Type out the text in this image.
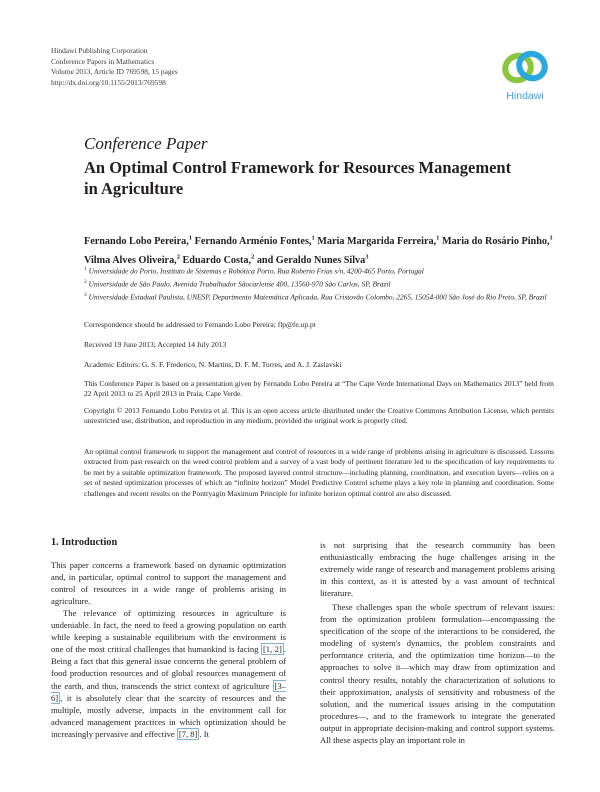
Hindawi Publishing Corporation
Conference Papers in Mathematics
Volume 2013, Article ID 769598, 15 pages
http://dx.doi.org/10.1155/2013/769598
Hindawi
Conference Paper
An Optimal Control Framework for Resources Management in Agriculture
Fernando Lobo Pereira,$^1$ Fernando Arménio Fontes,$^1$ Maria Margarida Ferreira,$^1$ Maria do Rosário Pinho,$^1$ Vilma Alves Oliveira,$^2$ Eduardo Costa,$^2$ and Geraldo Nunes Silva$^3$
$^1$ Universidade do Porto, Instituto de Sistemas e Robótica Porto, Rua Roberto Frias s/n, 4200-465 Porto, Portugal
$^2$ Universidade de São Paulo, Avenida Trabalhador Sãocarlense 400, 13560-970 São Carlos, SP, Brazil
$^3$ Universidade Estadual Paulista, UNESP, Departmento Matemática Aplicada, Rua Cristovão Colombo, 2265, 15054-000 São José do Rio Preto, SP, Brazil
Correspondence should be addressed to Fernando Lobo Pereira; flp@fe.up.pt
Received 19 June 2013; Accepted 14 July 2013
Academic Editors: G. S. F. Frederico, N. Martins, D. F. M. Torres, and A. J. Zaslavski
This Conference Paper is based on a presentation given by Fernando Lobo Pereira at “The Cape Verde International Days on Mathematics 2013” held from 22 April 2013 to 25 April 2013 in Praia, Cape Verde.
Copyright © 2013 Fernando Lobo Pereira et al. This is an open access article distributed under the Creative Commons Attribution License, which permits unrestricted use, distribution, and reproduction in any medium, provided the original work is properly cited.
An optimal control framework to support the management and control of resources in a wide range of problems arising in agriculture is discussed. Lessons extracted from past research on the weed control problem and a survey of a vast body of pertinent literature led to the specification of key requirements to be met by a suitable optimization framework. The proposed layered control structure—including planning, coordination, and execution layers—relies on a set of nested optimization processes of which an “infinite horizon” Model Predictive Control scheme plays a key role in planning and coordination. Some challenges and recent results on the Pontryagin Maximum Principle for infinite horizon optimal control are also discussed.
1. Introduction

This paper concerns a framework based on dynamic optimization and, in particular, optimal control to support the management and control of resources in a wide range of problems arising in agriculture.

The relevance of optimizing resources in agriculture is undeniable. In fact, the need to feed a growing population on earth while keeping a sustainable equilibrium with the environment is one of the most critical challenges that humankind is facing [1, 2] . Being a fact that this general issue concerns the general problem of food production resources and of global resources management of the earth, and thus, transcends the strict context of agriculture [3–6] , it is absolutely clear that the scarcity of resources and the multiple, mostly adverse, impacts in the environment call for advanced management practices in which optimization should be increasingly pervasive and effective [7, 8] . It

is not surprising that the research community has been enthusiastically embracing the huge challenges arising in the extremely wide range of research and management problems arising in this context, as it is attested by a vast amount of technical literature.

These challenges span the whole spectrum of relevant issues: from the optimization problem formulation—encompassing the specification of the scope of the interactions to be considered, the modeling of system's dynamics, the problem constraints and performance criteria, and the optimization time horizon—to the approaches to solve it—which may draw from optimization and control theory results, notably the characterization of solutions to their approximation, analysis of sensitivity and robustness of the solution, and the numerical issues arising in the computation procedures—, and to the framework to integrate the generated output in appropriate decision-making and control support systems. All these aspects play an important role in
